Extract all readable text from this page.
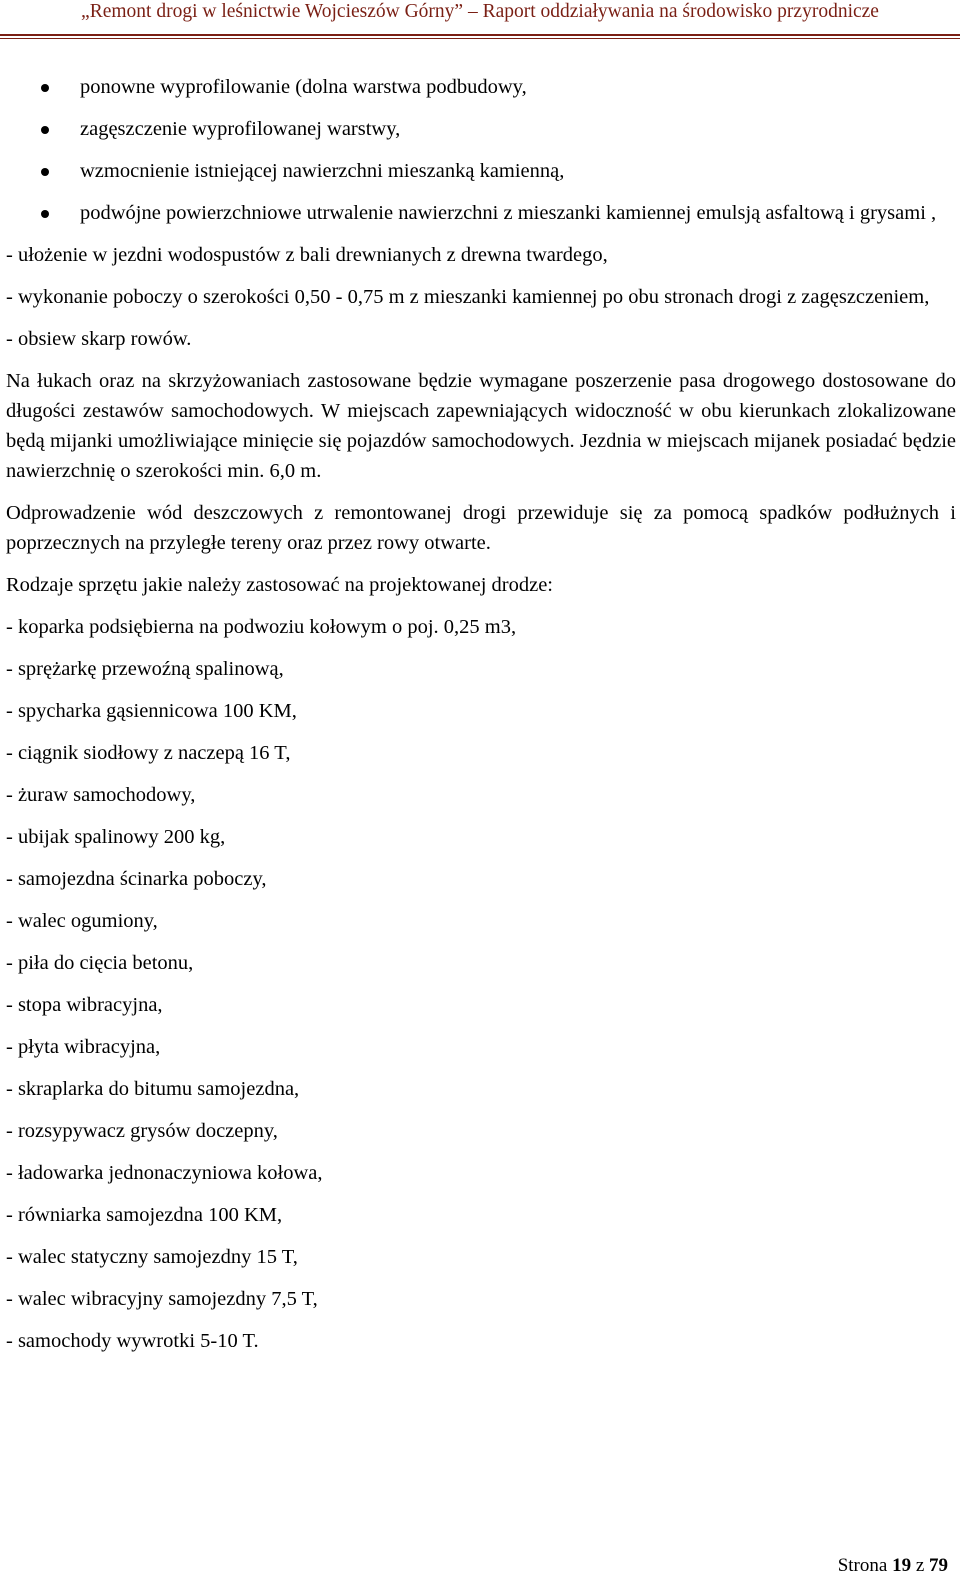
„Remont drogi w leśnictwie Wojcieszów Górny” – Raport oddziaływania na środowisko przyrodnicze
ponowne wyprofilowanie (dolna warstwa podbudowy,
zagęszczenie wyprofilowanej warstwy,
wzmocnienie istniejącej nawierzchni mieszanką kamienną,
podwójne powierzchniowe utrwalenie nawierzchni z mieszanki kamiennej emulsją asfaltową i grysami ,
- ułożenie w jezdni wodospustów z bali drewnianych z drewna twardego,
- wykonanie poboczy o szerokości 0,50 - 0,75 m z mieszanki kamiennej po obu stronach drogi z zagęszczeniem,
- obsiew skarp rowów.
Na łukach oraz na skrzyżowaniach zastosowane będzie wymagane poszerzenie pasa drogowego dostosowane do długości zestawów samochodowych. W miejscach zapewniających widoczność w obu kierunkach zlokalizowane będą mijanki umożliwiające minięcie się pojazdów samochodowych. Jezdnia w miejscach mijanek posiadać będzie nawierzchnię o szerokości min. 6,0 m.
Odprowadzenie wód deszczowych z remontowanej drogi przewiduje się za pomocą spadków podłużnych i poprzecznych na przyległe tereny oraz przez rowy otwarte.
Rodzaje sprzętu jakie należy zastosować na projektowanej drodze:
- koparka podsiębierna na podwoziu kołowym o poj. 0,25 m3,
- sprężarkę przewoźną spalinową,
- spycharka gąsiennicowa 100 KM,
- ciągnik siodłowy z naczepą 16 T,
- żuraw samochodowy,
- ubijak spalinowy 200 kg,
- samojezdna ścinarka poboczy,
- walec ogumiony,
- piła do cięcia betonu,
- stopa wibracyjna,
- płyta wibracyjna,
- skraplarka do bitumu samojezdna,
- rozsypywacz grysów doczepny,
- ładowarka jednonaczyniowa kołowa,
- równiarka samojezdna 100 KM,
- walec statyczny samojezdny 15 T,
- walec wibracyjny samojezdny 7,5 T,
- samochody wywrotki 5-10 T.
Strona 19 z 79
